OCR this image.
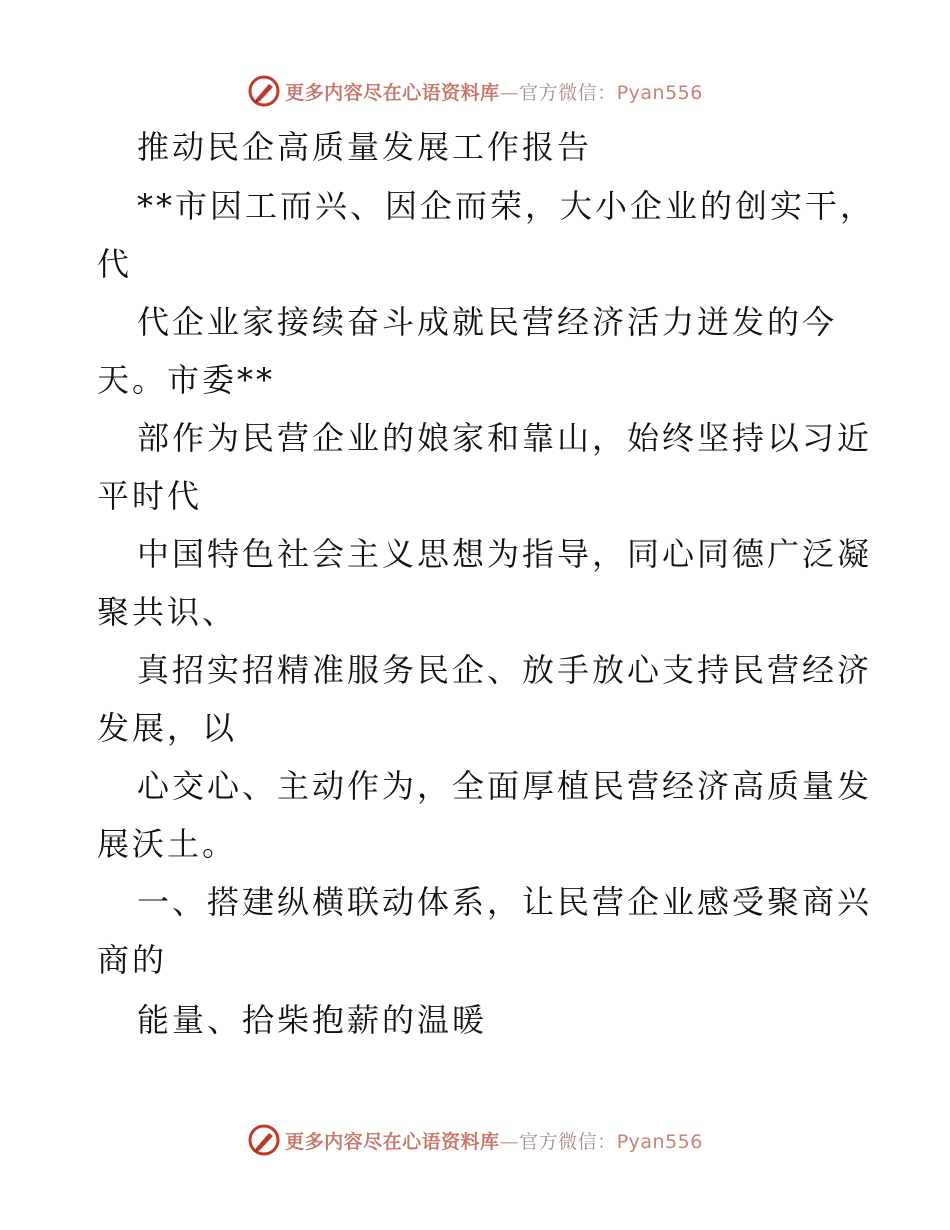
更多内容尽在心语资料库—官方微信：Pyan556
推动民企高质量发展工作报告
**市因工而兴、因企而荣，大小企业的创实干，
代
代企业家接续奋斗成就民营经济活力迸发的今
天。市委**
部作为民营企业的娘家和靠山，始终坚持以习近
平时代
中国特色社会主义思想为指导，同心同德广泛凝
聚共识、
真招实招精准服务民企、放手放心支持民营经济
发展，以
心交心、主动作为，全面厚植民营经济高质量发
展沃土。
一、搭建纵横联动体系，让民营企业感受聚商兴
商的
能量、拾柴抱薪的温暖
更多内容尽在心语资料库—官方微信：Pyan556
